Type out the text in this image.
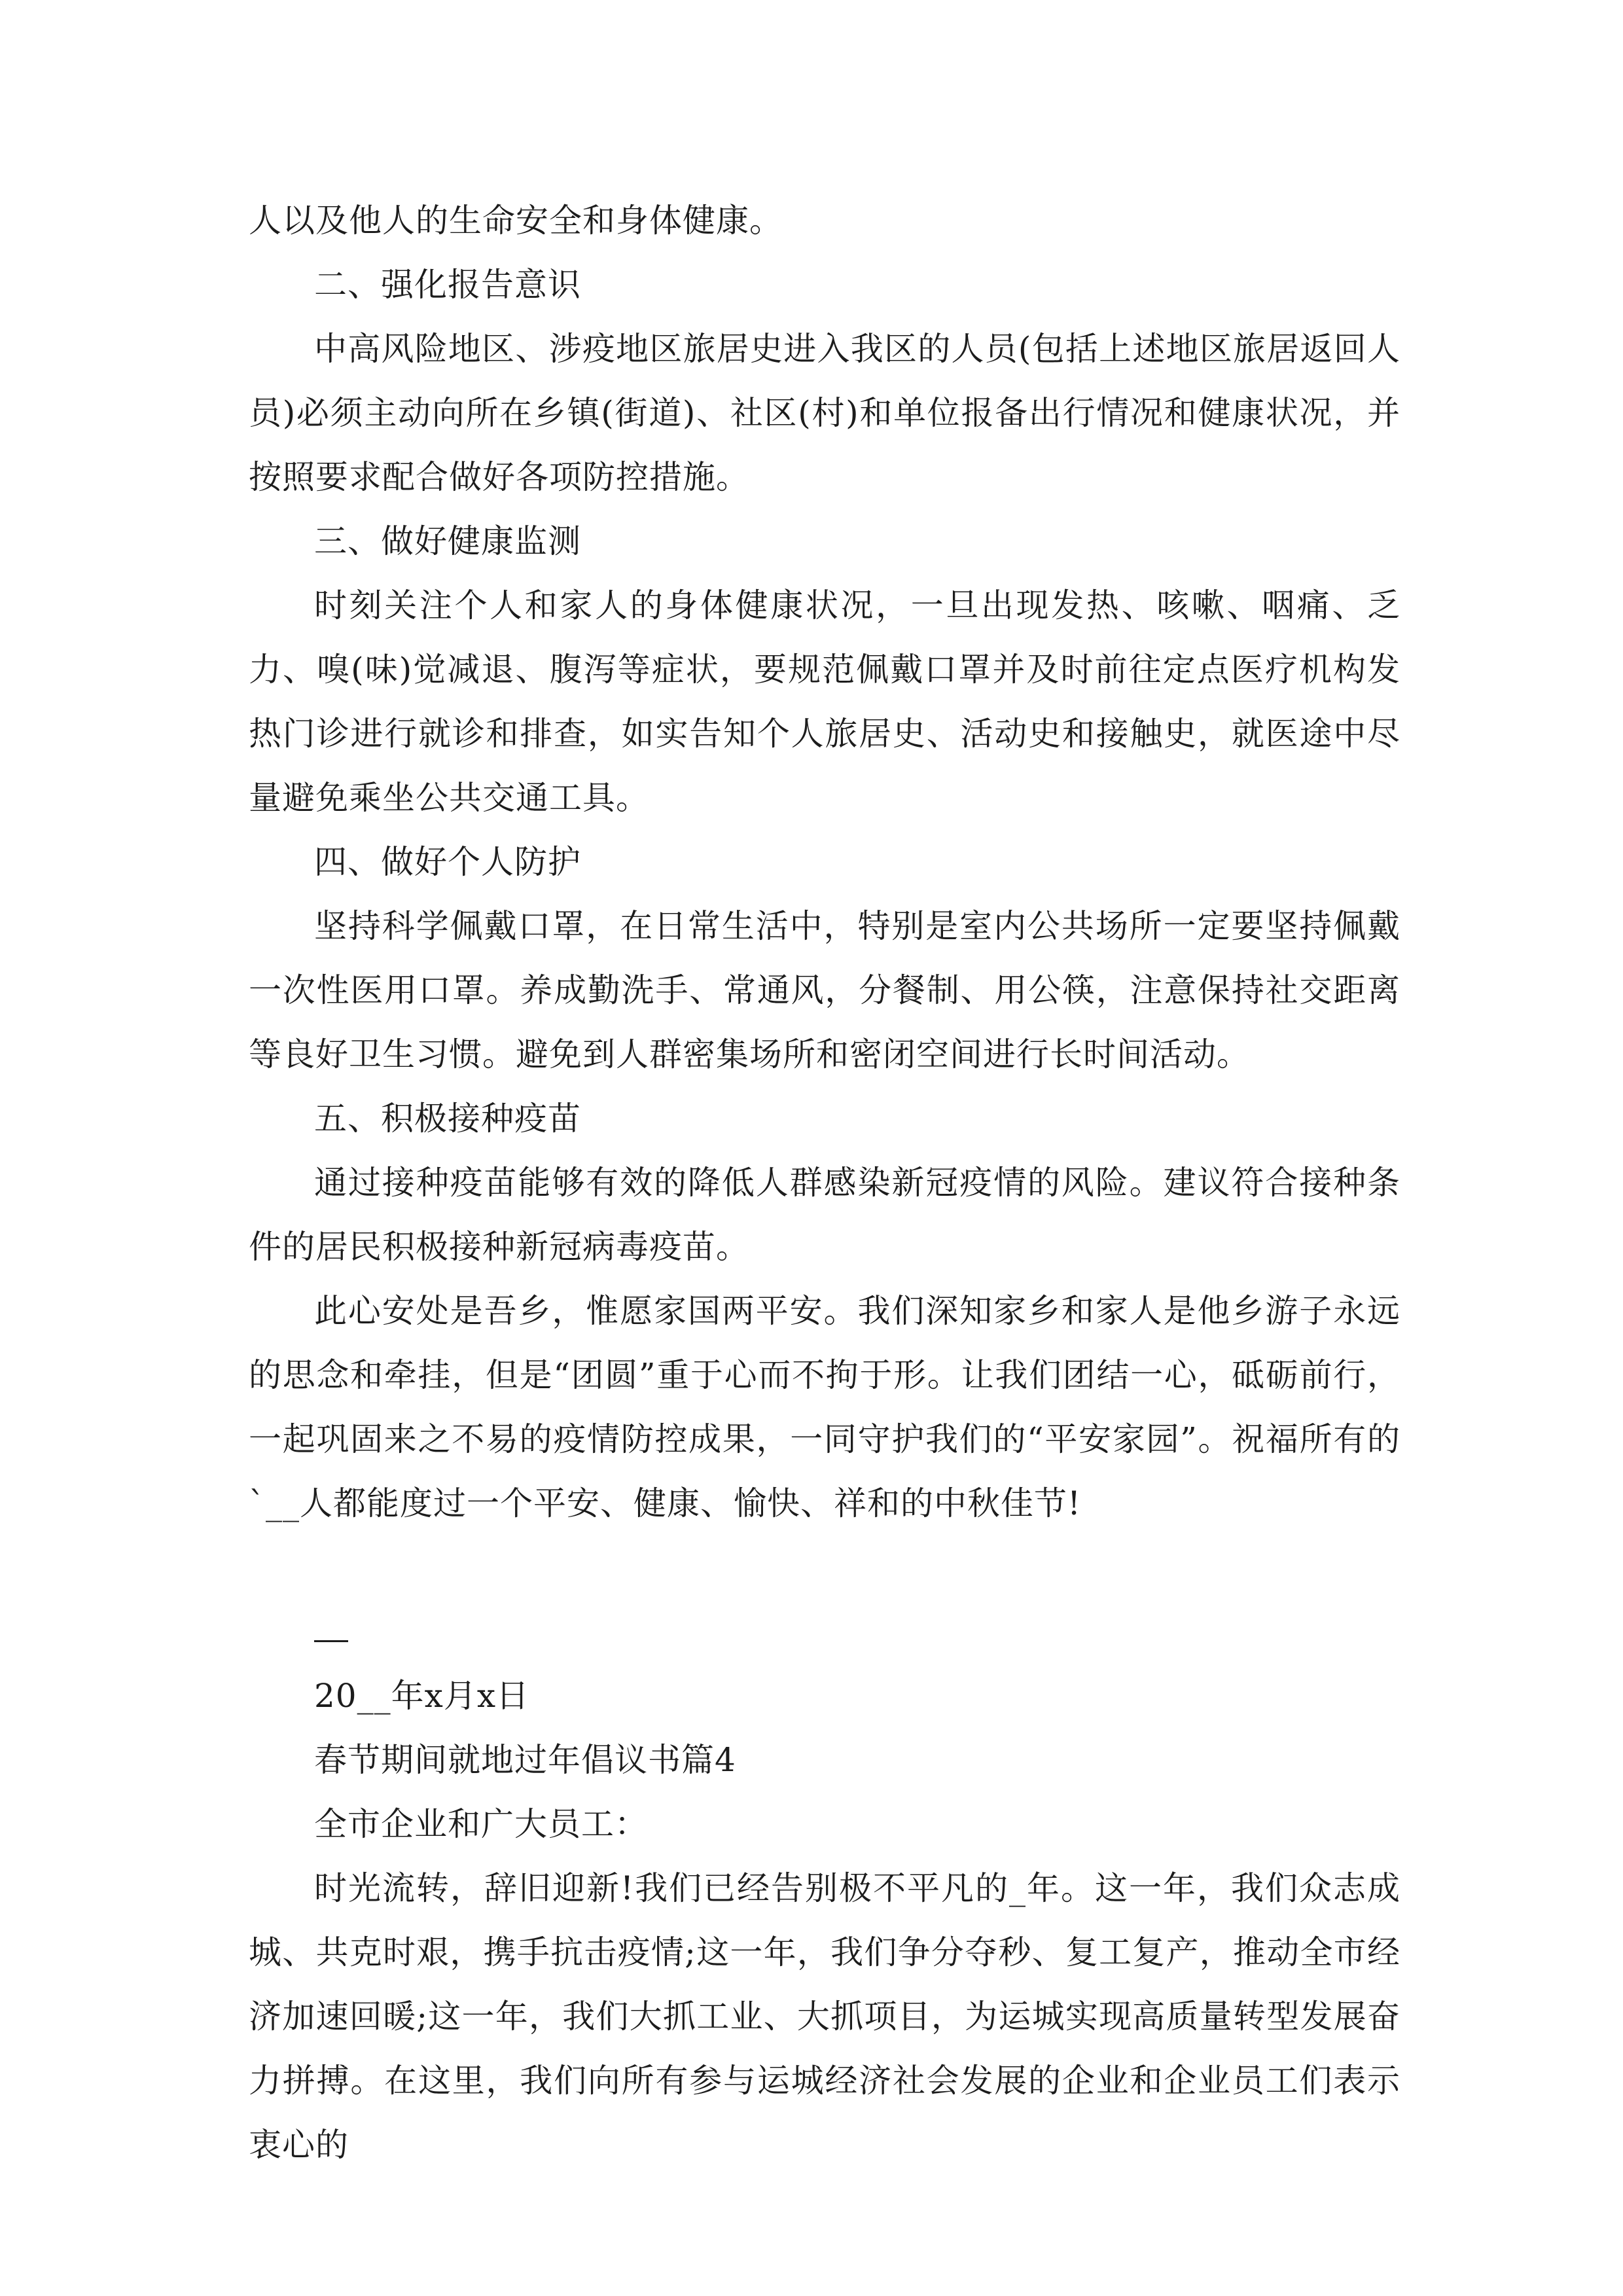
人以及他人的生命安全和身体健康。

二、强化报告意识

中高风险地区、涉疫地区旅居史进入我区的人员(包括上述地区旅居返回人员)必须主动向所在乡镇(街道)、社区(村)和单位报备出行情况和健康状况，并按照要求配合做好各项防控措施。

三、做好健康监测

时刻关注个人和家人的身体健康状况，一旦出现发热、咳嗽、咽痛、乏力、嗅(味)觉减退、腹泻等症状，要规范佩戴口罩并及时前往定点医疗机构发热门诊进行就诊和排查，如实告知个人旅居史、活动史和接触史，就医途中尽量避免乘坐公共交通工具。

四、做好个人防护

坚持科学佩戴口罩，在日常生活中，特别是室内公共场所一定要坚持佩戴一次性医用口罩。养成勤洗手、常通风，分餐制、用公筷，注意保持社交距离等良好卫生习惯。避免到人群密集场所和密闭空间进行长时间活动。

五、积极接种疫苗

通过接种疫苗能够有效的降低人群感染新冠疫情的风险。建议符合接种条件的居民积极接种新冠病毒疫苗。

此心安处是吾乡，惟愿家国两平安。我们深知家乡和家人是他乡游子永远的思念和牵挂，但是“团圆”重于心而不拘于形。让我们团结一心，砥砺前行，一起巩固来之不易的疫情防控成果，一同守护我们的“平安家园”。祝福所有的`__人都能度过一个平安、健康、愉快、祥和的中秋佳节!

20__年x月x日

春节期间就地过年倡议书篇4

全市企业和广大员工：

时光流转，辞旧迎新!我们已经告别极不平凡的_年。这一年，我们众志成城、共克时艰，携手抗击疫情;这一年，我们争分夺秒、复工复产，推动全市经济加速回暖;这一年，我们大抓工业、大抓项目，为运城实现高质量转型发展奋力拼搏。在这里，我们向所有参与运城经济社会发展的企业和企业员工们表示衷心的
